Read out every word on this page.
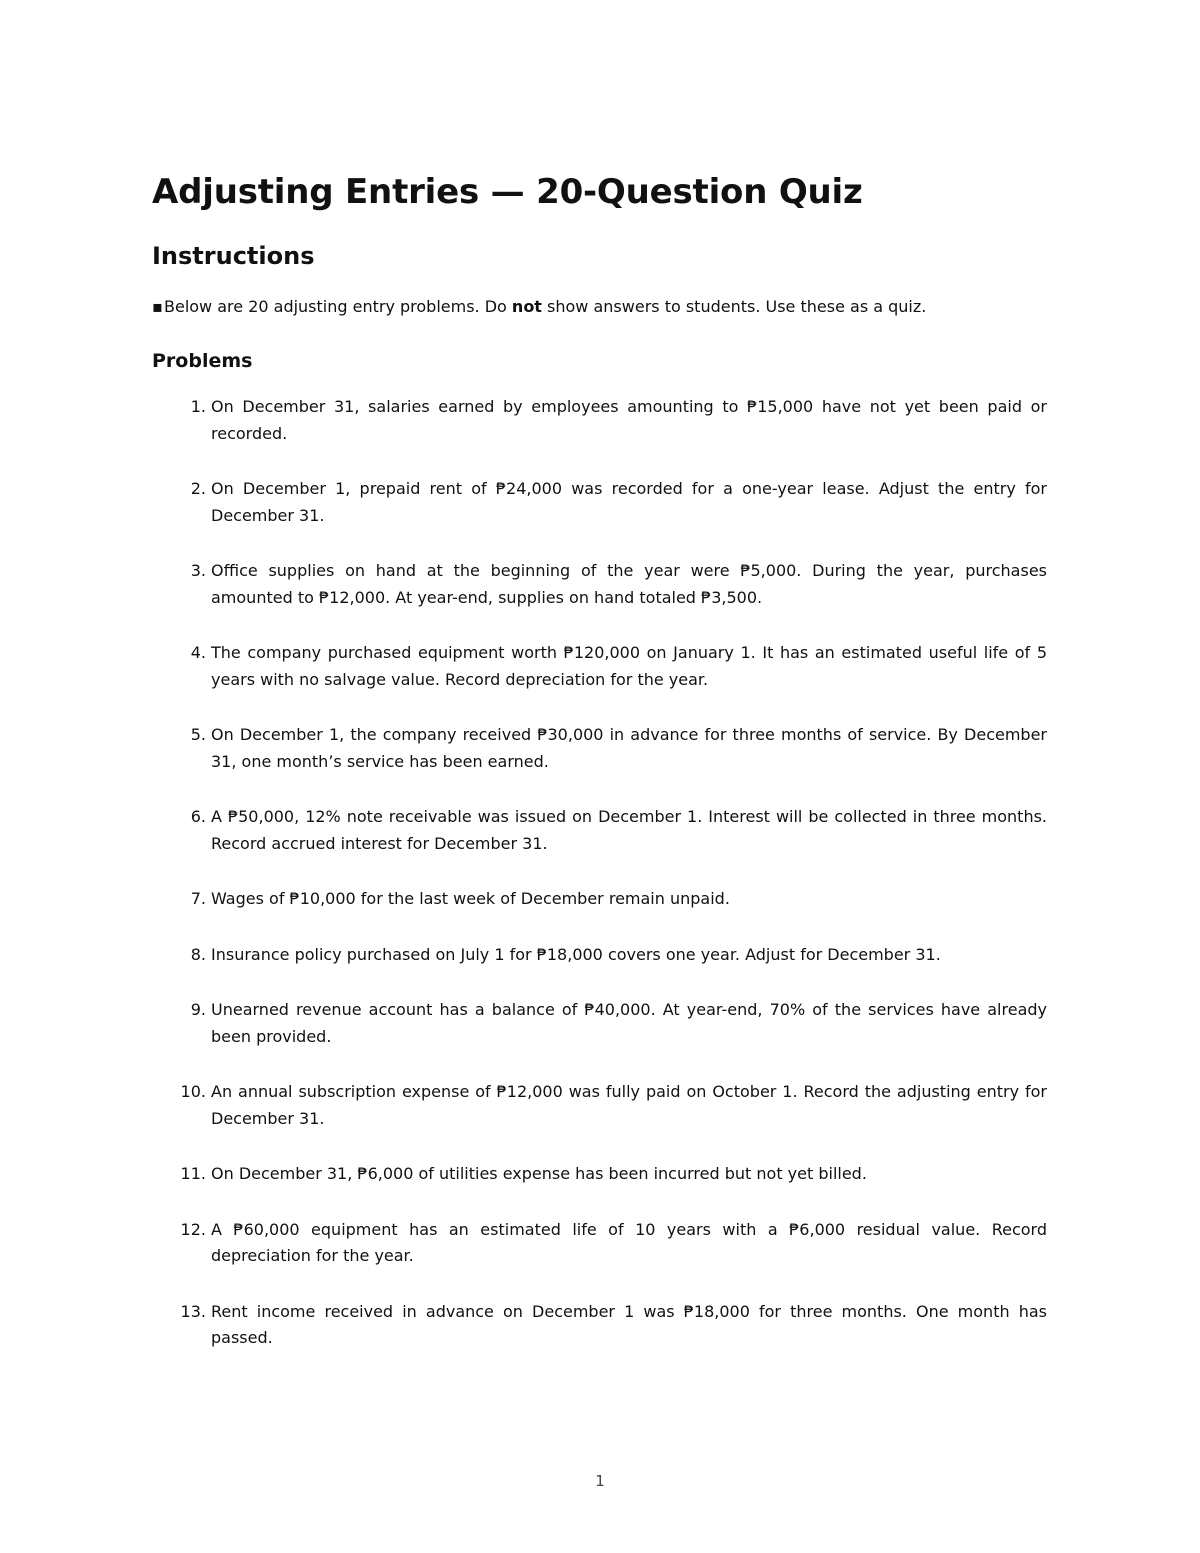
Adjusting Entries — 20-Question Quiz
Instructions
▪Below are 20 adjusting entry problems. Do not show answers to students. Use these as a quiz.
Problems
1. On December 31, salaries earned by employees amounting to ₱15,000 have not yet been paid or recorded.
2. On December 1, prepaid rent of ₱24,000 was recorded for a one-year lease. Adjust the entry for December 31.
3. Office supplies on hand at the beginning of the year were ₱5,000. During the year, purchases amounted to ₱12,000. At year-end, supplies on hand totaled ₱3,500.
4. The company purchased equipment worth ₱120,000 on January 1. It has an estimated useful life of 5 years with no salvage value. Record depreciation for the year.
5. On December 1, the company received ₱30,000 in advance for three months of service. By December 31, one month’s service has been earned.
6. A ₱50,000, 12% note receivable was issued on December 1. Interest will be collected in three months. Record accrued interest for December 31.
7. Wages of ₱10,000 for the last week of December remain unpaid.
8. Insurance policy purchased on July 1 for ₱18,000 covers one year. Adjust for December 31.
9. Unearned revenue account has a balance of ₱40,000. At year-end, 70% of the services have already been provided.
10. An annual subscription expense of ₱12,000 was fully paid on October 1. Record the adjusting entry for December 31.
11. On December 31, ₱6,000 of utilities expense has been incurred but not yet billed.
12. A ₱60,000 equipment has an estimated life of 10 years with a ₱6,000 residual value. Record depreciation for the year.
13. Rent income received in advance on December 1 was ₱18,000 for three months. One month has passed.
1
